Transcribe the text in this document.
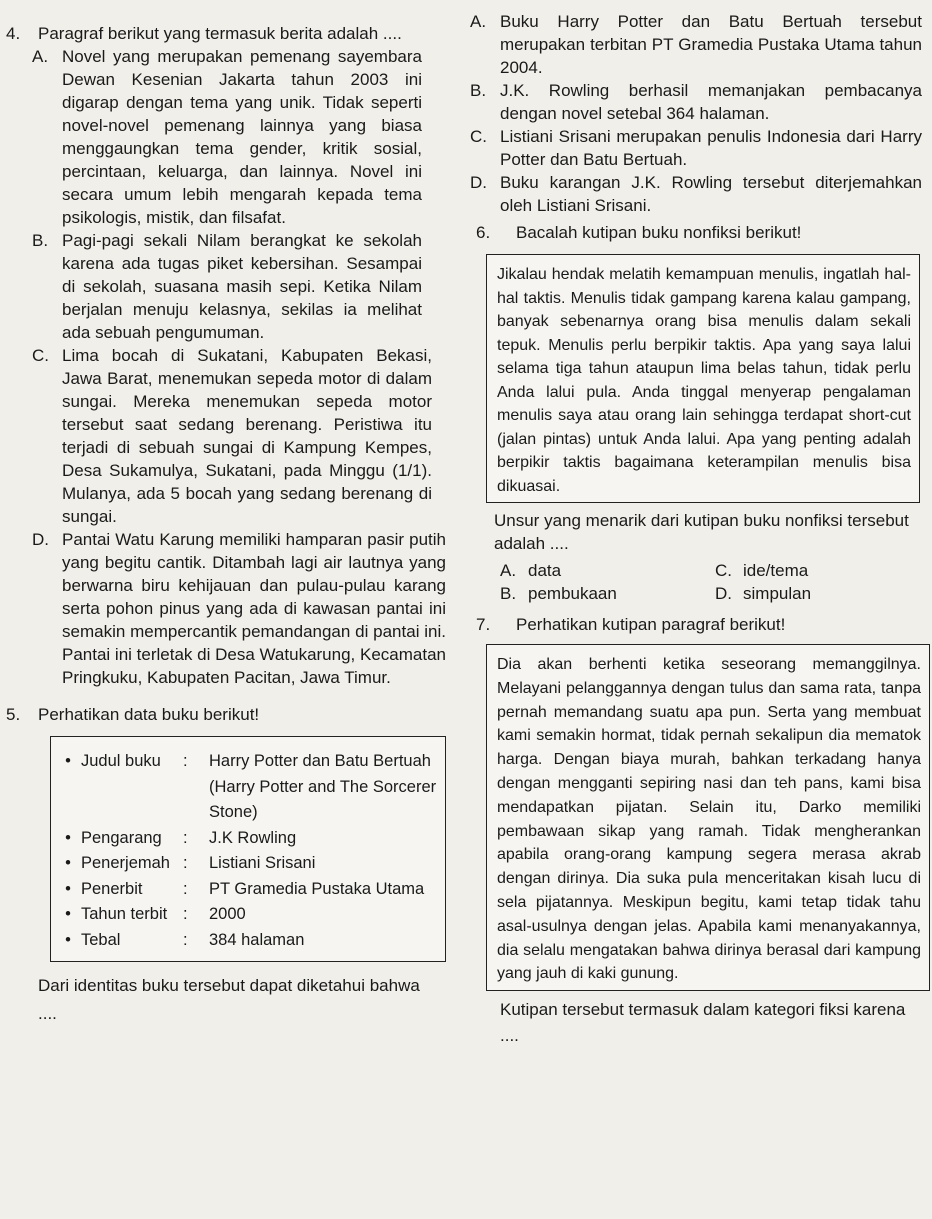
4.	Paragraf berikut yang termasuk berita adalah ....
A. Novel yang merupakan pemenang sayembara Dewan Kesenian Jakarta tahun 2003 ini digarap dengan tema yang unik. Tidak seperti novel-novel pemenang lainnya yang biasa menggaungkan tema gender, kritik sosial, percintaan, keluarga, dan lainnya. Novel ini secara umum lebih mengarah kepada tema psikologis, mistik, dan filsafat.
B. Pagi-pagi sekali Nilam berangkat ke sekolah karena ada tugas piket kebersihan. Sesampai di sekolah, suasana masih sepi. Ketika Nilam berjalan menuju kelasnya, sekilas ia melihat ada sebuah pengumuman.
C. Lima bocah di Sukatani, Kabupaten Bekasi, Jawa Barat, menemukan sepeda motor di dalam sungai. Mereka menemukan sepeda motor tersebut saat sedang berenang. Peristiwa itu terjadi di sebuah sungai di Kampung Kempes, Desa Sukamulya, Sukatani, pada Minggu (1/1). Mulanya, ada 5 bocah yang sedang berenang di sungai.
D. Pantai Watu Karung memiliki hamparan pasir putih yang begitu cantik. Ditambah lagi air lautnya yang berwarna biru kehijauan dan pulau-pulau karang serta pohon pinus yang ada di kawasan pantai ini semakin mempercantik pemandangan di pantai ini. Pantai ini terletak di Desa Watukarung, Kecamatan Pringkuku, Kabupaten Pacitan, Jawa Timur.
5.	Perhatikan data buku berikut!
•	Judul buku	:	Harry Potter dan Batu Bertuah (Harry Potter and The Sorcerer Stone)
•	Pengarang	:	J.K Rowling
•	Penerjemah	:	Listiani Srisani
•	Penerbit	:	PT Gramedia Pustaka Utama
•	Tahun terbit	:	2000
•	Tebal	:	384 halaman
Dari identitas buku tersebut dapat diketahui bahwa ....
A. Buku Harry Potter dan Batu Bertuah tersebut merupakan terbitan PT Gramedia Pustaka Utama tahun 2004.
B. J.K. Rowling berhasil memanjakan pembacanya dengan novel setebal 364 halaman.
C. Listiani Srisani merupakan penulis Indonesia dari Harry Potter dan Batu Bertuah.
D. Buku karangan J.K. Rowling tersebut diterjemahkan oleh Listiani Srisani.
6.	Bacalah kutipan buku nonfiksi berikut!

Jikalau hendak melatih kemampuan menulis, ingatlah hal-hal taktis. Menulis tidak gampang karena kalau gampang, banyak sebenarnya orang bisa menulis dalam sekali tepuk. Menulis perlu berpikir taktis. Apa yang saya lalui selama tiga tahun ataupun lima belas tahun, tidak perlu Anda lalui pula. Anda tinggal menyerap pengalaman menulis saya atau orang lain sehingga terdapat short-cut (jalan pintas) untuk Anda lalui. Apa yang penting adalah berpikir taktis bagaimana keterampilan menulis bisa dikuasai.

Unsur yang menarik dari kutipan buku nonfiksi tersebut adalah ....
A. data	C. ide/tema
B. pembukaan	D. simpulan
7.	Perhatikan kutipan paragraf berikut!

Dia akan berhenti ketika seseorang memanggilnya. Melayani pelanggannya dengan tulus dan sama rata, tanpa pernah memandang suatu apa pun. Serta yang membuat kami semakin hormat, tidak pernah sekalipun dia mematok harga. Dengan biaya murah, bahkan terkadang hanya dengan mengganti sepiring nasi dan teh pans, kami bisa mendapatkan pijatan. Selain itu, Darko memiliki pembawaan sikap yang ramah. Tidak mengherankan apabila orang-orang kampung segera merasa akrab dengan dirinya. Dia suka pula menceritakan kisah lucu di sela pijatannya. Meskipun begitu, kami tetap tidak tahu asal-usulnya dengan jelas. Apabila kami menanyakannya, dia selalu mengatakan bahwa dirinya berasal dari kampung yang jauh di kaki gunung.

Kutipan tersebut termasuk dalam kategori fiksi karena ....
